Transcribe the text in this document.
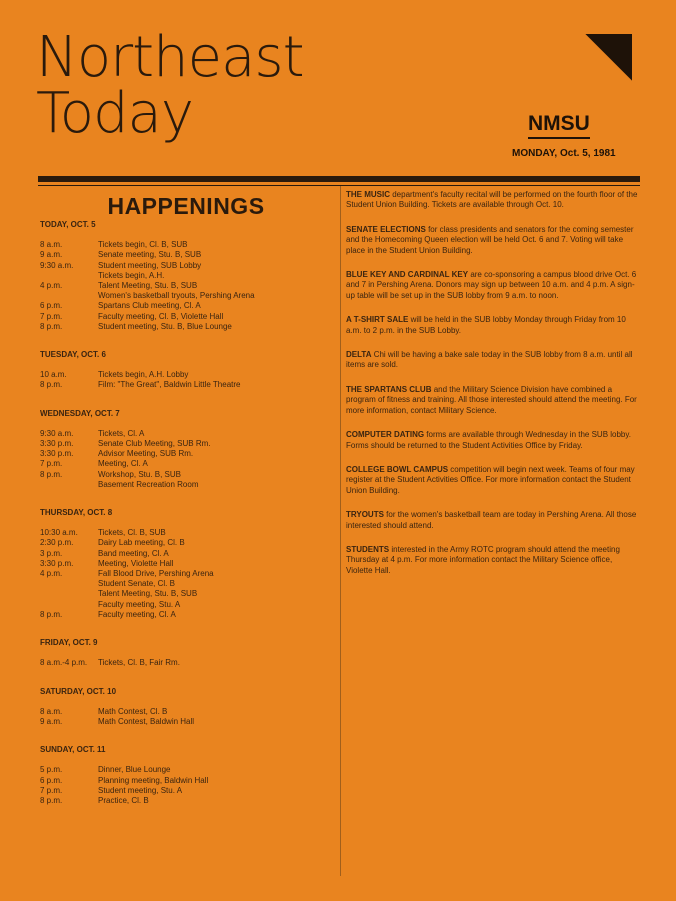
Northeast
Today	NMSU
MONDAY, Oct. 5, 1981
HAPPENINGS
TODAY, OCT. 5
8 a.m.	Tickets begin, Cl. B, SUB
9 a.m.	Senate meeting, Stu. B, SUB
9:30 a.m.	Student meeting, SUB Lobby
Tickets begin, A.H.
4 p.m.	Talent Meeting, Stu. B, SUB
Women's basketball tryouts, Pershing Arena
6 p.m.	Spartans Club meeting, Cl. A
7 p.m.	Faculty meeting, Cl. B, Violette Hall
8 p.m.	Student meeting, Stu. B, Blue Lounge
TUESDAY, OCT. 6
10 a.m.	Tickets begin, A.H. Lobby
8 p.m.	Film: "The Great", Baldwin Little Theatre
WEDNESDAY, OCT. 7
9:30 a.m.	Tickets, Cl. A
3:30 p.m.	Senate Club Meeting, SUB Rm.
3:30 p.m.	Advisor Meeting, SUB Rm.
7 p.m.	Meeting, Cl. A
8 p.m.	Workshop, Stu. B, SUB
Basement Recreation Room
THURSDAY, OCT. 8
10:30 a.m.	Tickets, Cl. B, SUB
2:30 p.m.	Dairy Lab meeting, Cl. B
3 p.m.	Band meeting, Cl. A
3:30 p.m.	Meeting, Violette Hall
4 p.m.	Fall Blood Drive, Pershing Arena
Student Senate, Cl. B
Talent Meeting, Stu. B, SUB
Faculty meeting, Stu. A
8 p.m.	Faculty meeting, Cl. A
FRIDAY, OCT. 9
8 a.m.-4 p.m.	Tickets, Cl. B, Fair Rm.
SATURDAY, OCT. 10
8 a.m.	Math Contest, Cl. B
9 a.m.	Math Contest, Baldwin Hall
SUNDAY, OCT. 11
5 p.m.	Dinner, Blue Lounge
6 p.m.	Planning meeting, Baldwin Hall
7 p.m.	Student meeting, Stu. A
8 p.m.	Practice, Cl. B

THE MUSIC department's faculty recital will be performed on the fourth floor of the Student Union Building. Tickets are available through Oct. 10.

SENATE ELECTIONS for class presidents and senators for the coming semester and the Homecoming Queen election will be held Oct. 6 and 7. Voting will take place in the Student Union Building.

BLUE KEY AND CARDINAL KEY are co-sponsoring a campus blood drive Oct. 6 and 7 in Pershing Arena. Donors may sign up between 10 a.m. and 4 p.m. A sign-up table will be set up in the SUB lobby from 9 a.m. to noon.

A T-SHIRT SALE will be held in the SUB lobby Monday through Friday from 10 a.m. to 2 p.m. in the SUB Lobby.

DELTA Chi will be having a bake sale today in the SUB lobby from 8 a.m. until all items are sold.

THE SPARTANS CLUB and the Military Science Division have combined a program of fitness and training. All those interested should attend the meeting. For more information, contact Military Science.

COMPUTER DATING forms are available through Wednesday in the SUB lobby. Forms should be returned to the Student Activities Office by Friday.

COLLEGE BOWL CAMPUS competition will begin next week. Teams of four may register at the Student Activities Office. For more information contact the Student Union Building.

TRYOUTS for the women's basketball team are today in Pershing Arena. All those interested should attend.

STUDENTS interested in the Army ROTC program should attend the meeting Thursday at 4 p.m. For more information contact the Military Science office, Violette Hall.
